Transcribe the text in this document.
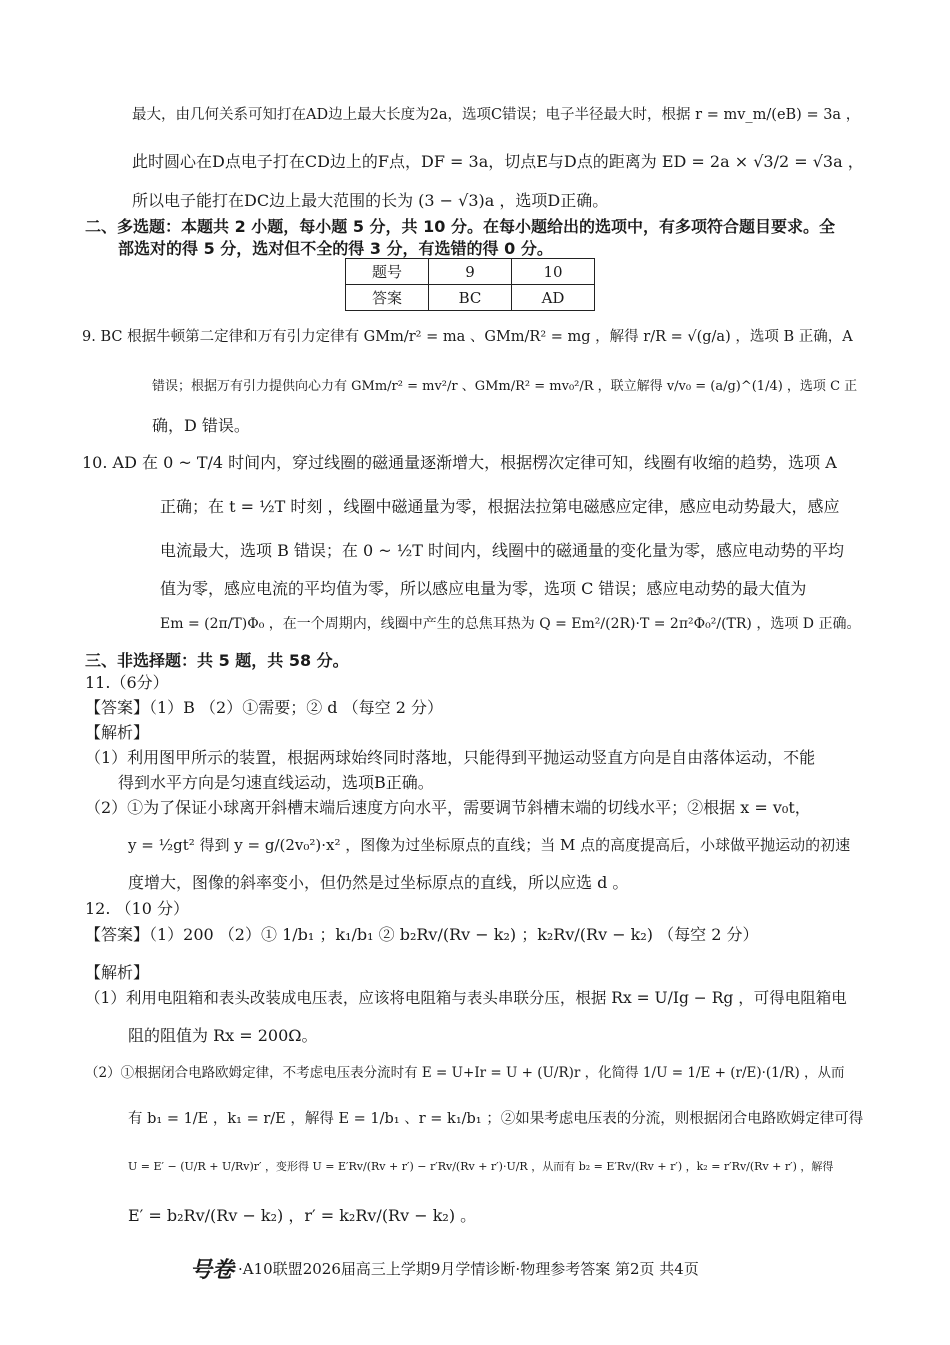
最大，由几何关系可知打在AD边上最大长度为2a，选项C错误；电子半径最大时，根据 r = mv_m/(eB) = 3a ，
此时圆心在D点电子打在CD边上的F点，DF = 3a，切点E与D点的距离为 ED = 2a × √3/2 = √3a ，
所以电子能打在DC边上最大范围的长为 (3 − √3)a ，选项D正确。
二、多选题：本题共 2 小题，每小题 5 分，共 10 分。在每小题给出的选项中，有多项符合题目要求。全
部选对的得 5 分，选对但不全的得 3 分，有选错的得 0 分。
9. BC 根据牛顿第二定律和万有引力定律有 GMm/r² = ma 、GMm/R² = mg ，解得 r/R = √(g/a) ，选项 B 正确，A
错误；根据万有引力提供向心力有 GMm/r² = mv²/r 、GMm/R² = mv₀²/R ，联立解得 v/v₀ = (a/g)^(1/4) ，选项 C 正
确，D 错误。
10. AD 在 0 ~ T/4 时间内，穿过线圈的磁通量逐渐增大，根据楞次定律可知，线圈有收缩的趋势，选项 A
正确；在 t = ½T 时刻 ，线圈中磁通量为零，根据法拉第电磁感应定律，感应电动势最大，感应
电流最大，选项 B 错误；在 0 ~ ½T 时间内，线圈中的磁通量的变化量为零，感应电动势的平均
值为零，感应电流的平均值为零，所以感应电量为零，选项 C 错误；感应电动势的最大值为
Em = (2π/T)Φ₀ ，在一个周期内，线圈中产生的总焦耳热为 Q = Em²/(2R)·T = 2π²Φ₀²/(TR) ，选项 D 正确。
三、非选择题：共 5 题，共 58 分。
11.（6分）
【答案】（1）B （2）①需要；② d （每空 2 分）
【解析】
（1）利用图甲所示的装置，根据两球始终同时落地，只能得到平抛运动竖直方向是自由落体运动，不能
得到水平方向是匀速直线运动，选项B正确。
（2）①为了保证小球离开斜槽末端后速度方向水平，需要调节斜槽末端的切线水平；②根据 x = v₀t，
y = ½gt² 得到 y = g/(2v₀²)·x² ，图像为过坐标原点的直线；当 M 点的高度提高后，小球做平抛运动的初速
度增大，图像的斜率变小，但仍然是过坐标原点的直线，所以应选 d 。
12. （10 分）
【答案】（1）200 （2）① 1/b₁ ；k₁/b₁ ② b₂Rv/(Rv − k₂) ；k₂Rv/(Rv − k₂) （每空 2 分）
【解析】
（1）利用电阻箱和表头改装成电压表，应该将电阻箱与表头串联分压，根据 Rx = U/Ig − Rg ，可得电阻箱电
阻的阻值为 Rx = 200Ω。
（2）①根据闭合电路欧姆定律，不考虑电压表分流时有 E = U+Ir = U + (U/R)r ，化简得 1/U = 1/E + (r/E)·(1/R) ，从而
有 b₁ = 1/E ，k₁ = r/E ，解得 E = 1/b₁ 、r = k₁/b₁ ；②如果考虑电压表的分流，则根据闭合电路欧姆定律可得
U = E′ − (U/R + U/Rv)r′ ，变形得 U = E′Rv/(Rv + r′) − r′Rv/(Rv + r′)·U/R ，从而有 b₂ = E′Rv/(Rv + r′) ，k₂ = r′Rv/(Rv + r′) ，解得
E′ = b₂Rv/(Rv − k₂) ，r′ = k₂Rv/(Rv − k₂) 。
题号	9	10
答案	BC	AD
号卷 ·A10联盟2026届高三上学期9月学情诊断·物理参考答案 第2页 共4页
